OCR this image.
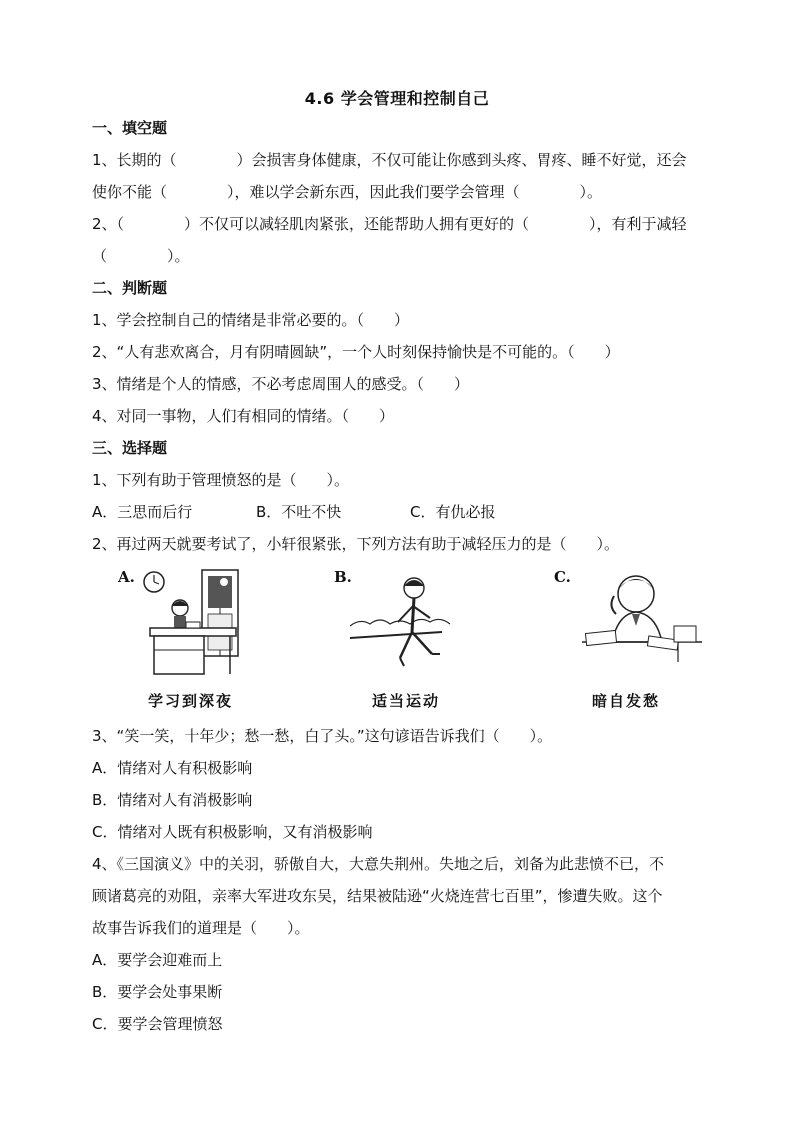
4.6 学会管理和控制自己
一、填空题
1、长期的（　　　　）会损害身体健康，不仅可能让你感到头疼、胃疼、睡不好觉，还会
使你不能（　　　　），难以学会新东西，因此我们要学会管理（　　　　）。
2、（　　　　）不仅可以减轻肌肉紧张，还能帮助人拥有更好的（　　　　），有利于减轻
（　　　　）。
二、判断题
1、学会控制自己的情绪是非常必要的。（　　）
2、“人有悲欢离合，月有阴晴圆缺”，一个人时刻保持愉快是不可能的。（　　）
3、情绪是个人的情感，不必考虑周围人的感受。（　　）
4、对同一事物，人们有相同的情绪。（　　）
三、选择题
1、下列有助于管理愤怒的是（　　）。
A．三思而后行	B．不吐不快	C．有仇必报
2、再过两天就要考试了，小轩很紧张，下列方法有助于减轻压力的是（　　）。
A.
学习到深夜
B.
适当运动
C.
暗自发愁
3、“笑一笑，十年少；愁一愁，白了头。”这句谚语告诉我们（　　）。
A．情绪对人有积极影响
B．情绪对人有消极影响
C．情绪对人既有积极影响，又有消极影响
4、《三国演义》中的关羽，骄傲自大，大意失荆州。失地之后，刘备为此悲愤不已，不
顾诸葛亮的劝阻，亲率大军进攻东吴，结果被陆逊“火烧连营七百里”，惨遭失败。这个
故事告诉我们的道理是（　　）。
A．要学会迎难而上
B．要学会处事果断
C．要学会管理愤怒
